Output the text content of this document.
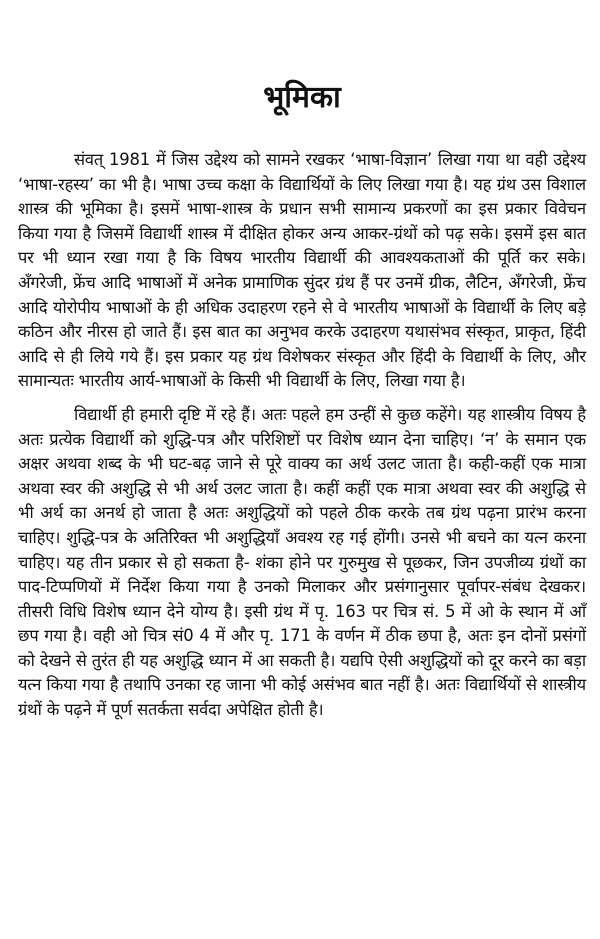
भूमिका

संवत् 1981 में जिस उद्देश्य को सामने रखकर ‘भाषा-विज्ञान’ लिखा गया था वही उद्देश्य ‘भाषा-रहस्य’ का भी है। भाषा उच्च कक्षा के विद्यार्थियों के लिए लिखा गया है। यह ग्रंथ उस विशाल शास्त्र की भूमिका है। इसमें भाषा-शास्त्र के प्रधान सभी सामान्य प्रकरणों का इस प्रकार विवेचन किया गया है जिसमें विद्यार्थी शास्त्र में दीक्षित होकर अन्य आकर-ग्रंथों को पढ़ सके। इसमें इस बात पर भी ध्यान रखा गया है कि विषय भारतीय विद्यार्थी की आवश्यकताओं की पूर्ति कर सके। अँगरेजी, फ्रेंच आदि भाषाओं में अनेक प्रामाणिक सुंदर ग्रंथ हैं पर उनमें ग्रीक, लैटिन, अँगरेजी, फ्रेंच आदि योरोपीय भाषाओं के ही अधिक उदाहरण रहने से वे भारतीय भाषाओं के विद्यार्थी के लिए बड़े कठिन और नीरस हो जाते हैं। इस बात का अनुभव करके उदाहरण यथासंभव संस्कृत, प्राकृत, हिंदी आदि से ही लिये गये हैं। इस प्रकार यह ग्रंथ विशेषकर संस्कृत और हिंदी के विद्यार्थी के लिए, और सामान्यतः भारतीय आर्य-भाषाओं के किसी भी विद्यार्थी के लिए, लिखा गया है।

विद्यार्थी ही हमारी दृष्टि में रहे हैं। अतः पहले हम उन्हीं से कुछ कहेंगे। यह शास्त्रीय विषय है अतः प्रत्येक विद्यार्थी को शुद्धि-पत्र और परिशिष्टों पर विशेष ध्यान देना चाहिए। ‘न’ के समान एक अक्षर अथवा शब्द के भी घट-बढ़ जाने से पूरे वाक्य का अर्थ उलट जाता है। कही-कहीं एक मात्रा अथवा स्वर की अशुद्धि से भी अर्थ उलट जाता है। कहीं कहीं एक मात्रा अथवा स्वर की अशुद्धि से भी अर्थ का अनर्थ हो जाता है अतः अशुद्धियों को पहले ठीक करके तब ग्रंथ पढ़ना प्रारंभ करना चाहिए। शुद्धि-पत्र के अतिरिक्त भी अशुद्धियाँ अवश्य रह गई होंगी। उनसे भी बचने का यत्न करना चाहिए। यह तीन प्रकार से हो सकता है- शंका होने पर गुरुमुख से पूछकर, जिन उपजीव्य ग्रंथों का पाद-टिप्पणियों में निर्देश किया गया है उनको मिलाकर और प्रसंगानुसार पूर्वापर-संबंध देखकर। तीसरी विधि विशेष ध्यान देने योग्य है। इसी ग्रंथ में पृ. 163 पर चित्र सं. 5 में ओ के स्थान में आँ छप गया है। वही ओ चित्र सं0 4 में और पृ. 171 के वर्णन में ठीक छपा है, अतः इन दोनों प्रसंगों को देखने से तुरंत ही यह अशुद्धि ध्यान में आ सकती है। यद्यपि ऐसी अशुद्धियों को दूर करने का बड़ा यत्न किया गया है तथापि उनका रह जाना भी कोई असंभव बात नहीं है। अतः विद्यार्थियों से शास्त्रीय ग्रंथों के पढ़ने में पूर्ण सतर्कता सर्वदा अपेक्षित होती है।
